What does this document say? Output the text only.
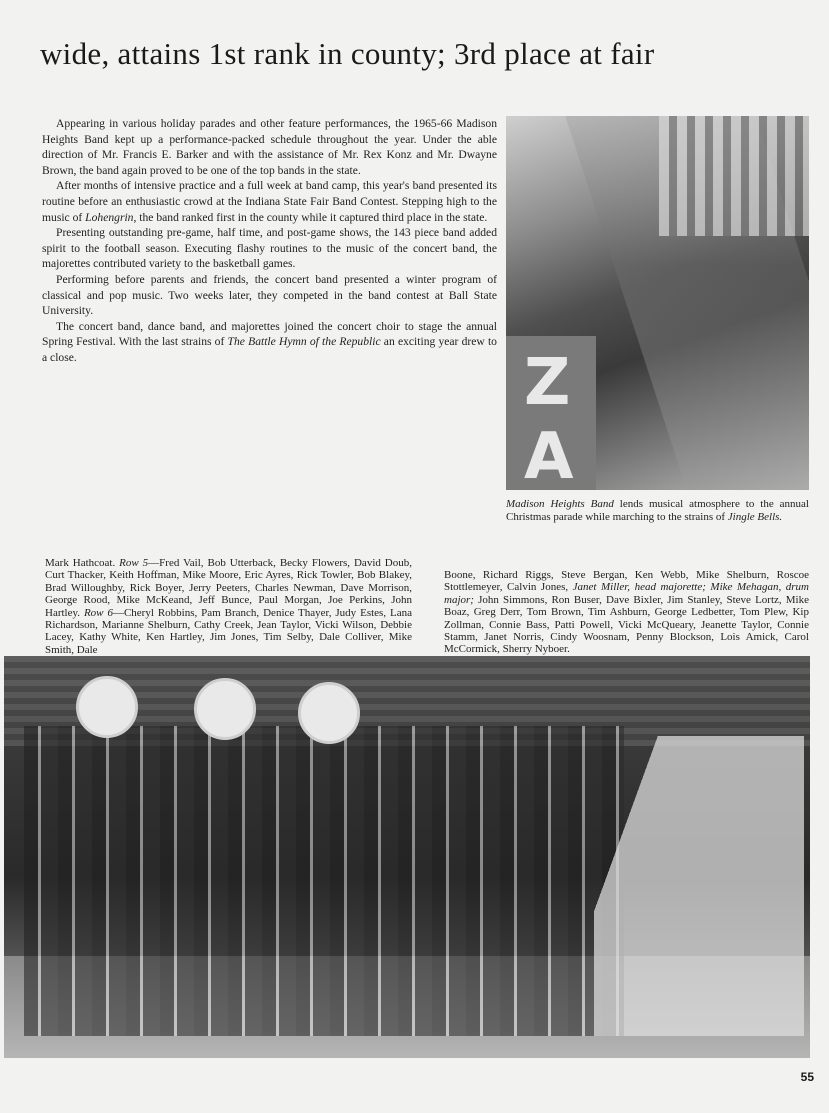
wide, attains 1st rank in county; 3rd place at fair

Appearing in various holiday parades and other feature performances, the 1965-66 Madison Heights Band kept up a performance-packed schedule throughout the year. Under the able direction of Mr. Francis E. Barker and with the assistance of Mr. Rex Konz and Mr. Dwayne Brown, the band again proved to be one of the top bands in the state.

After months of intensive practice and a full week at band camp, this year's band presented its routine before an enthusiastic crowd at the Indiana State Fair Band Contest. Stepping high to the music of Lohengrin, the band ranked first in the county while it captured third place in the state.

Presenting outstanding pre-game, half time, and post-game shows, the 143 piece band added spirit to the football season. Executing flashy routines to the music of the concert band, the majorettes contributed variety to the basketball games.

Performing before parents and friends, the concert band presented a winter program of classical and pop music. Two weeks later, they competed in the band contest at Ball State University.

The concert band, dance band, and majorettes joined the concert choir to stage the annual Spring Festival. With the last strains of The Battle Hymn of the Republic an exciting year drew to a close.	Z
A
Madison Heights Band lends musical atmosphere to the annual Christmas parade while marching to the strains of Jingle Bells.
Mark Hathcoat. Row 5—Fred Vail, Bob Utterback, Becky Flowers, David Doub, Curt Thacker, Keith Hoffman, Mike Moore, Eric Ayres, Rick Towler, Bob Blakey, Brad Willoughby, Rick Boyer, Jerry Peeters, Charles Newman, Dave Morrison, George Rood, Mike McKeand, Jeff Bunce, Paul Morgan, Joe Perkins, John Hartley. Row 6—Cheryl Robbins, Pam Branch, Denice Thayer, Judy Estes, Lana Richardson, Marianne Shelburn, Cathy Creek, Jean Taylor, Vicki Wilson, Debbie Lacey, Kathy White, Ken Hartley, Jim Jones, Tim Selby, Dale Colliver, Mike Smith, Dale
Boone, Richard Riggs, Steve Bergan, Ken Webb, Mike Shelburn, Roscoe Stottlemeyer, Calvin Jones, Janet Miller, head majorette; Mike Mehagan, drum major; John Simmons, Ron Buser, Dave Bixler, Jim Stanley, Steve Lortz, Mike Boaz, Greg Derr, Tom Brown, Tim Ashburn, George Ledbetter, Tom Plew, Kip Zollman, Connie Bass, Patti Powell, Vicki McQueary, Jeanette Taylor, Connie Stamm, Janet Norris, Cindy Woosnam, Penny Blockson, Lois Amick, Carol McCormick, Sherry Nyboer.
55
